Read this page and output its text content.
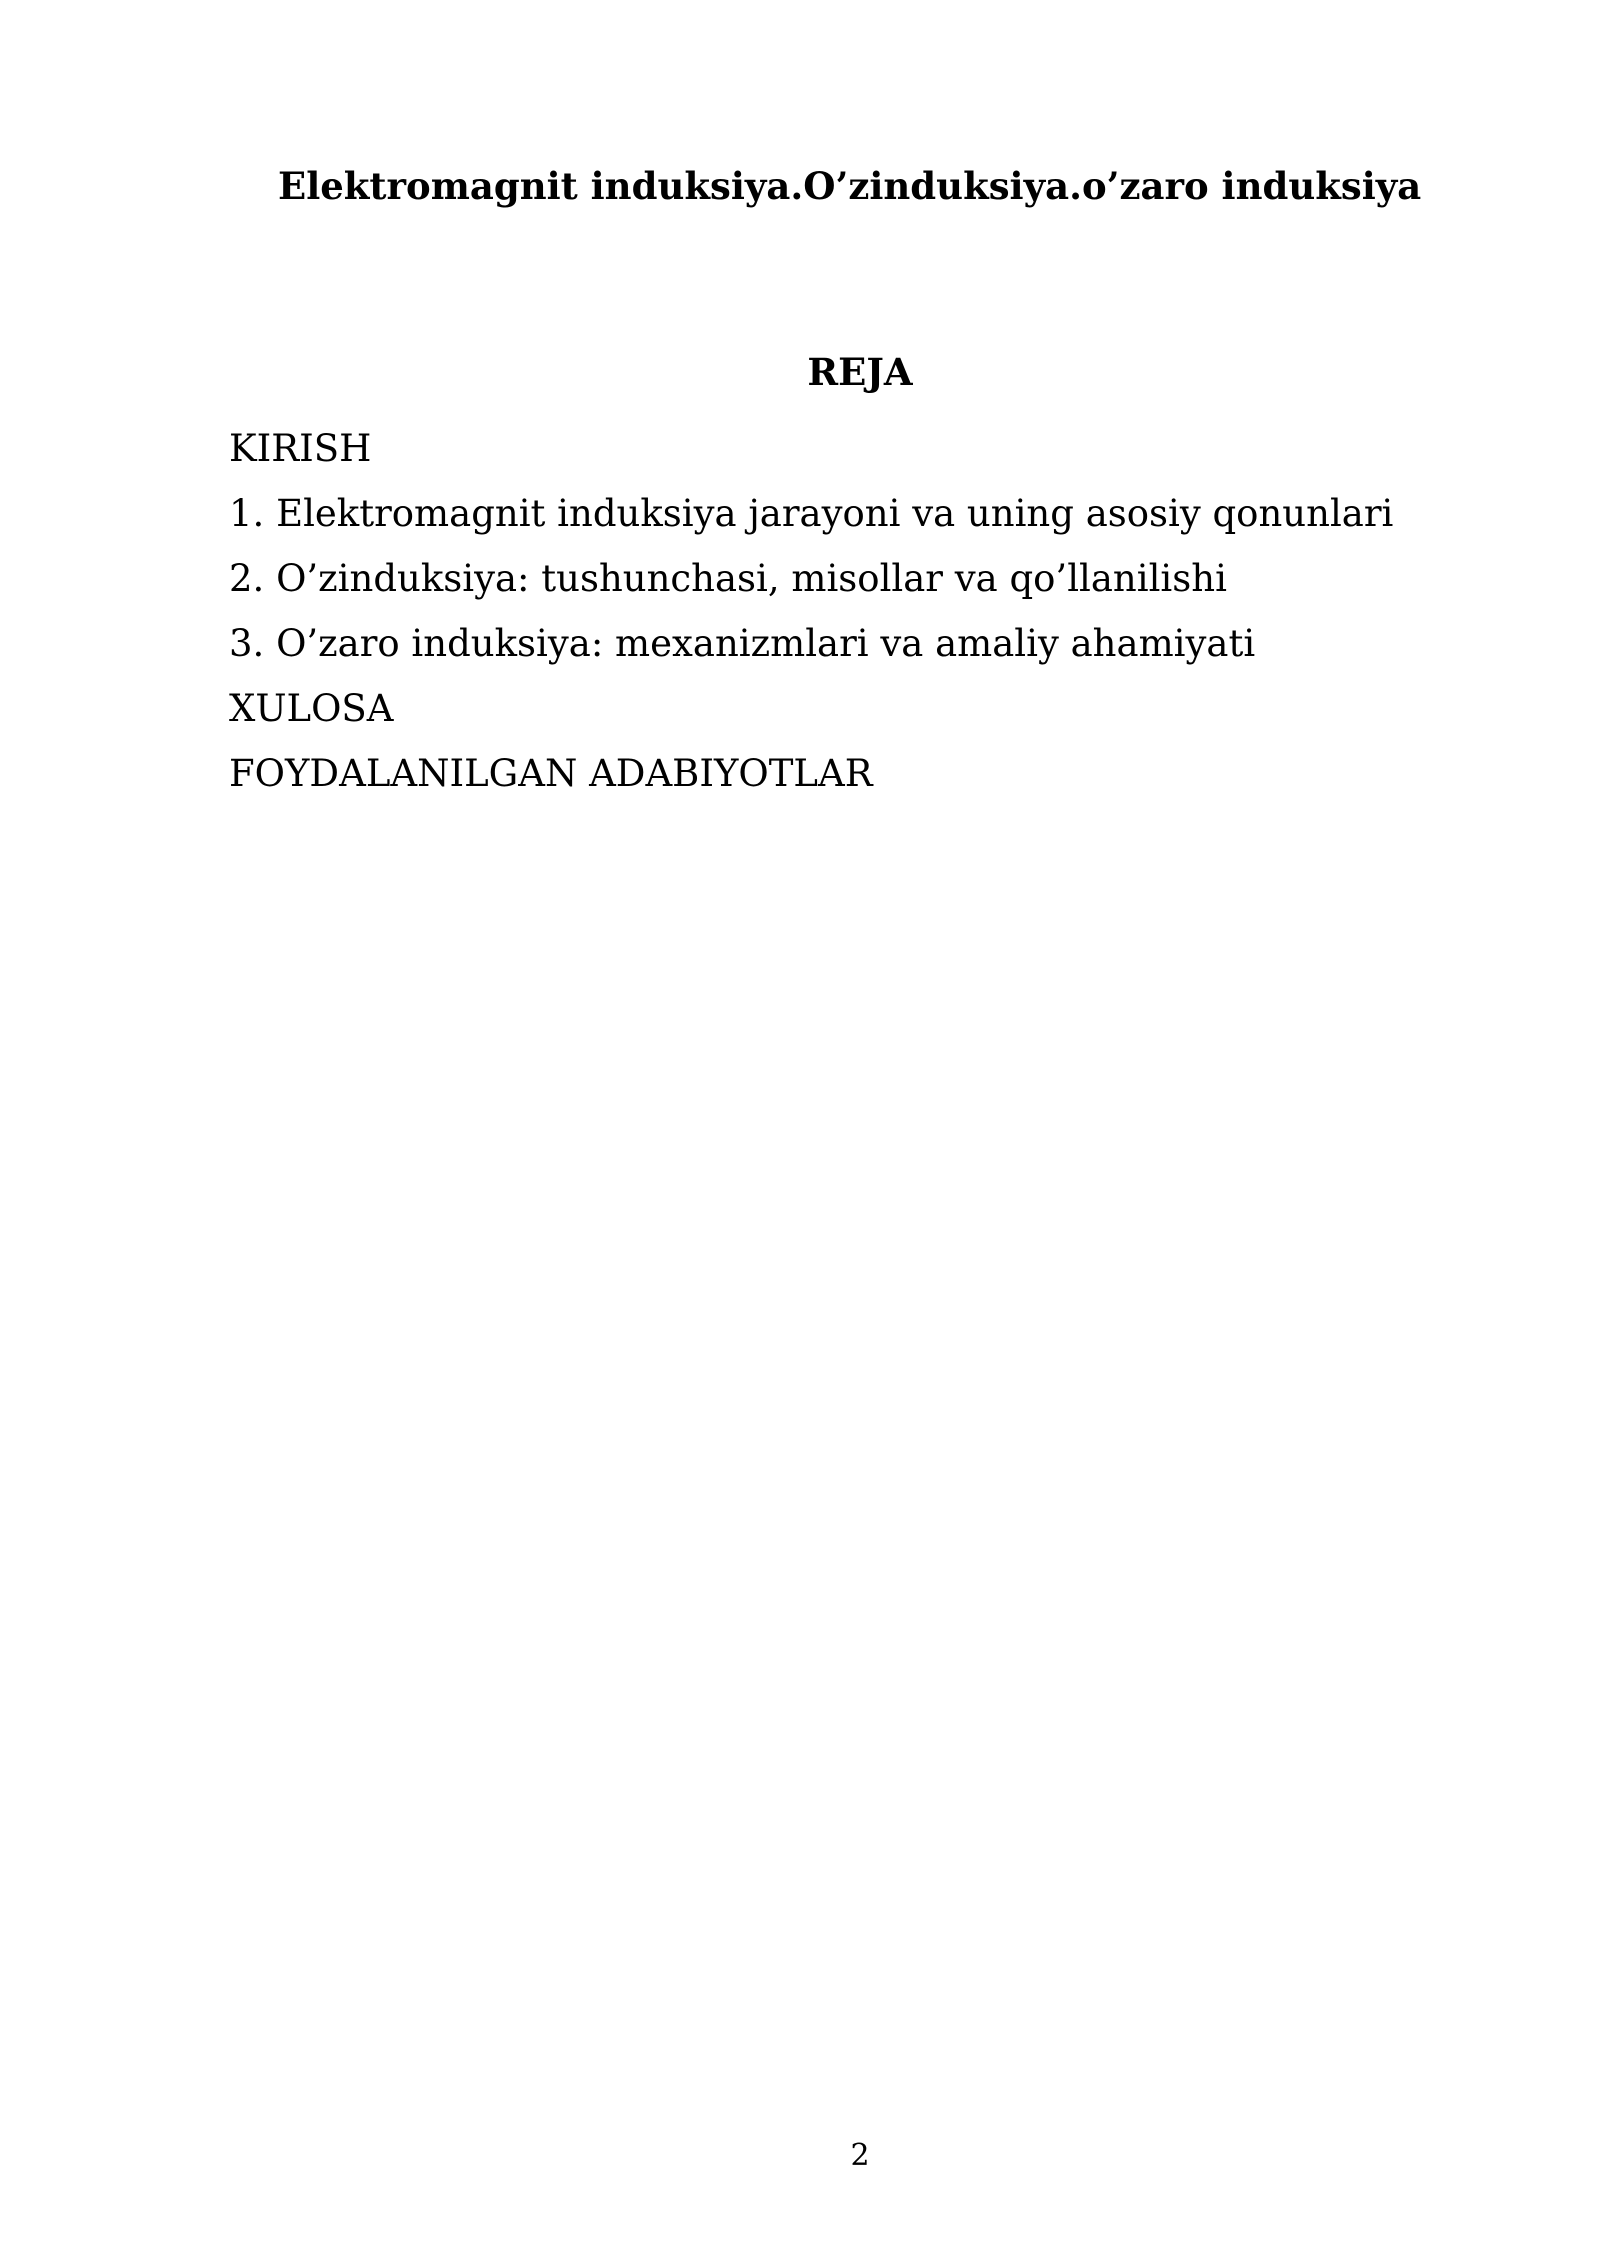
Elektromagnit induksiya.O’zinduksiya.o’zaro induksiya
REJA
KIRISH
1. Elektromagnit induksiya jarayoni va uning asosiy qonunlari
2. O’zinduksiya: tushunchasi, misollar va qo’llanilishi
3. O’zaro induksiya: mexanizmlari va amaliy ahamiyati
XULOSA
FOYDALANILGAN ADABIYOTLAR
2
